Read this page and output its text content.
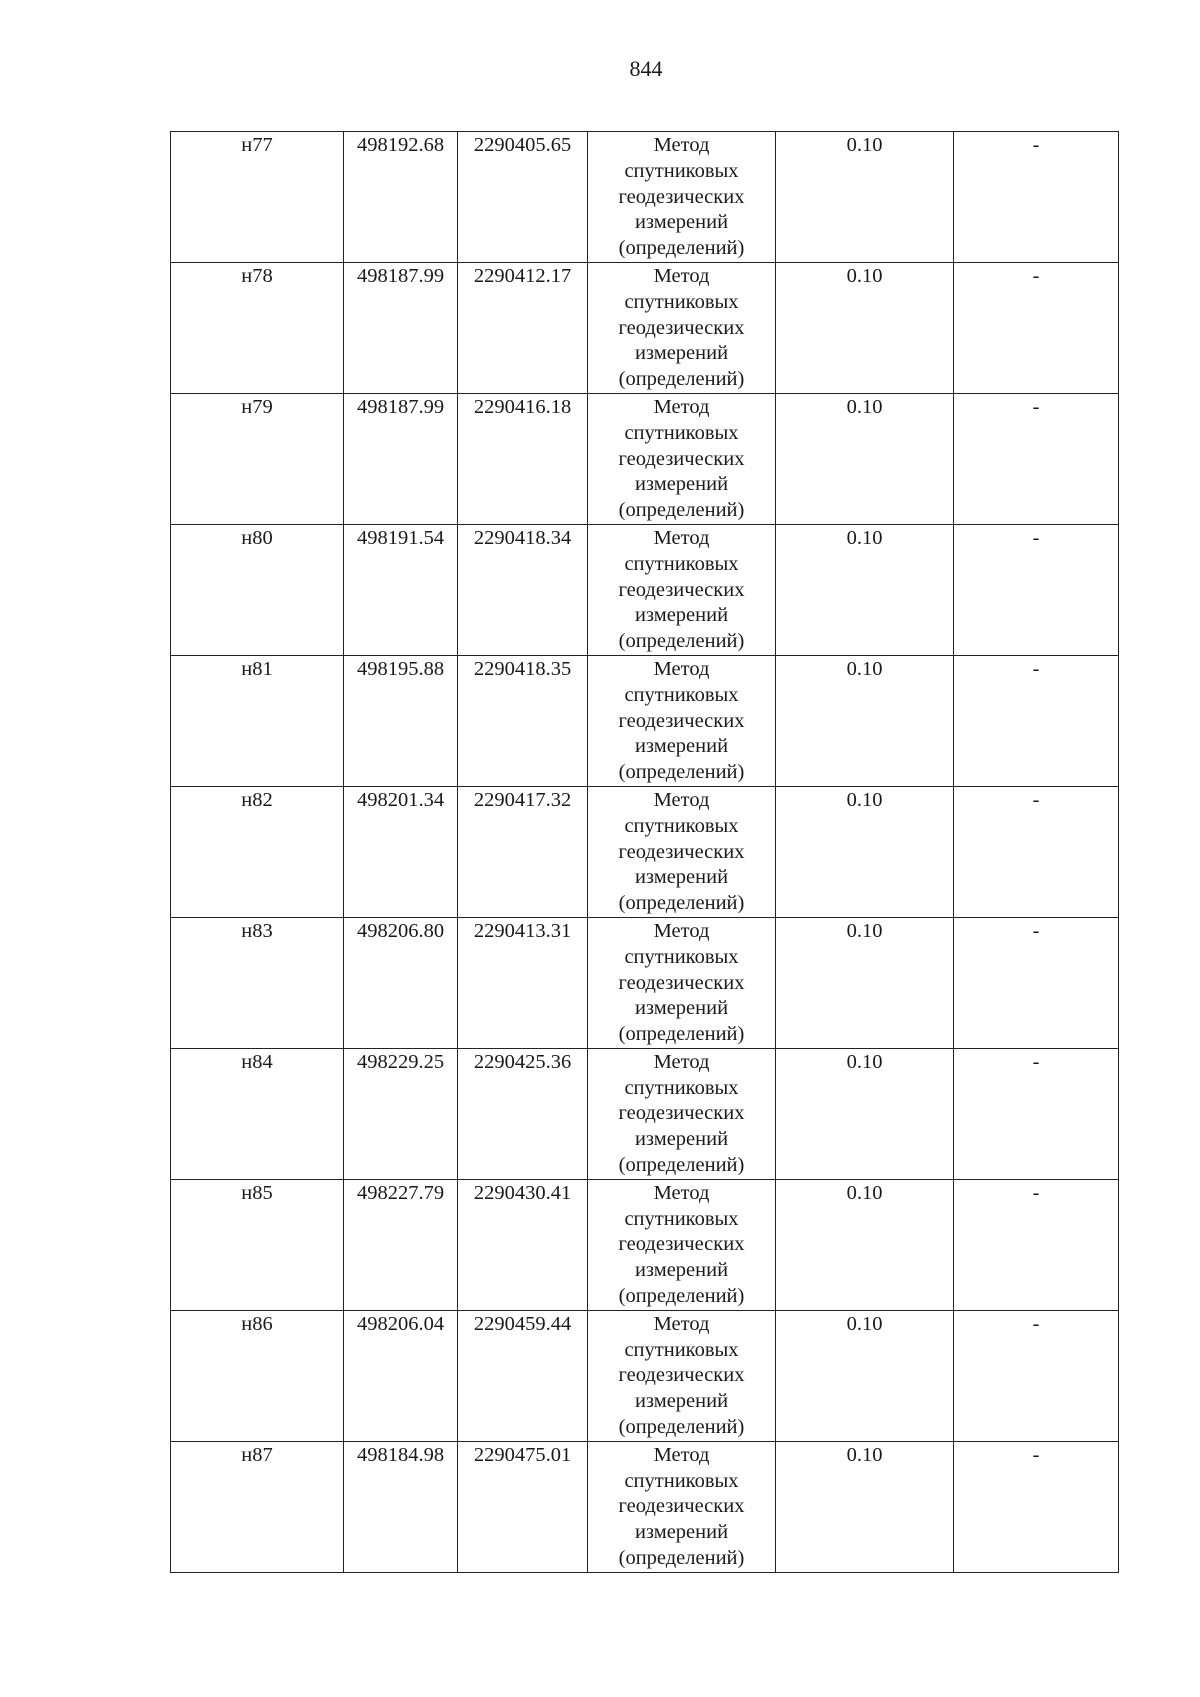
844
н77	498192.68	2290405.65	Метод
спутниковых
геодезических
измерений
(определений)	0.10	-
н78	498187.99	2290412.17	Метод
спутниковых
геодезических
измерений
(определений)	0.10	-
н79	498187.99	2290416.18	Метод
спутниковых
геодезических
измерений
(определений)	0.10	-
н80	498191.54	2290418.34	Метод
спутниковых
геодезических
измерений
(определений)	0.10	-
н81	498195.88	2290418.35	Метод
спутниковых
геодезических
измерений
(определений)	0.10	-
н82	498201.34	2290417.32	Метод
спутниковых
геодезических
измерений
(определений)	0.10	-
н83	498206.80	2290413.31	Метод
спутниковых
геодезических
измерений
(определений)	0.10	-
н84	498229.25	2290425.36	Метод
спутниковых
геодезических
измерений
(определений)	0.10	-
н85	498227.79	2290430.41	Метод
спутниковых
геодезических
измерений
(определений)	0.10	-
н86	498206.04	2290459.44	Метод
спутниковых
геодезических
измерений
(определений)	0.10	-
н87	498184.98	2290475.01	Метод
спутниковых
геодезических
измерений
(определений)	0.10	-
